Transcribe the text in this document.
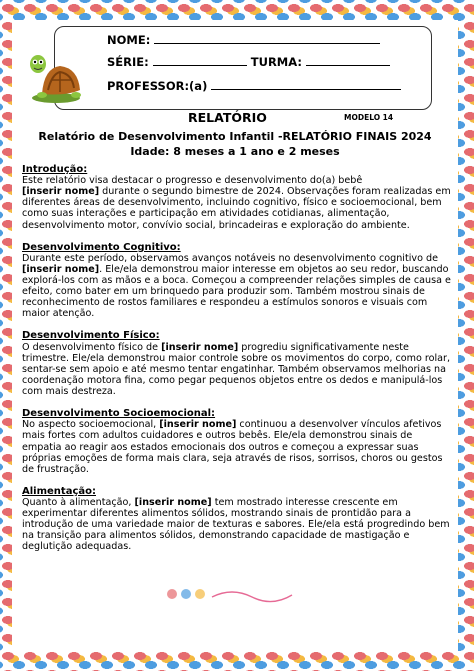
NOME:
SÉRIE:	TURMA:
PROFESSOR:(a)
RELATÓRIO	MODELO 14
Relatório de Desenvolvimento Infantil -RELATÓRIO FINAIS 2024
Idade: 8 meses a 1 ano e 2 meses
Introdução:

Este relatório visa destacar o progresso e desenvolvimento do(a) bebê
[inserir nome] durante o segundo bimestre de 2024. Observações foram realizadas em diferentes áreas de desenvolvimento, incluindo cognitivo, físico e socioemocional, bem como suas interações e participação em atividades cotidianas, alimentação, desenvolvimento motor, convívio social, brincadeiras e exploração do ambiente.

Desenvolvimento Cognitivo:

Durante este período, observamos avanços notáveis no desenvolvimento cognitivo de [inserir nome]. Ele/ela demonstrou maior interesse em objetos ao seu redor, buscando explorá-los com as mãos e a boca. Começou a compreender relações simples de causa e efeito, como bater em um brinquedo para produzir som. Também mostrou sinais de reconhecimento de rostos familiares e respondeu a estímulos sonoros e visuais com maior atenção.

Desenvolvimento Físico:

O desenvolvimento físico de [inserir nome] progrediu significativamente neste trimestre. Ele/ela demonstrou maior controle sobre os movimentos do corpo, como rolar, sentar-se sem apoio e até mesmo tentar engatinhar. Também observamos melhorias na coordenação motora fina, como pegar pequenos objetos entre os dedos e manipulá-los com mais destreza.

Desenvolvimento Socioemocional:

No aspecto socioemocional, [inserir nome] continuou a desenvolver vínculos afetivos mais fortes com adultos cuidadores e outros bebês. Ele/ela demonstrou sinais de empatia ao reagir aos estados emocionais dos outros e começou a expressar suas próprias emoções de forma mais clara, seja através de risos, sorrisos, choros ou gestos de frustração.

Alimentação:

Quanto à alimentação, [inserir nome] tem mostrado interesse crescente em experimentar diferentes alimentos sólidos, mostrando sinais de prontidão para a introdução de uma variedade maior de texturas e sabores. Ele/ela está progredindo bem na transição para alimentos sólidos, demonstrando capacidade de mastigação e deglutição adequadas.
